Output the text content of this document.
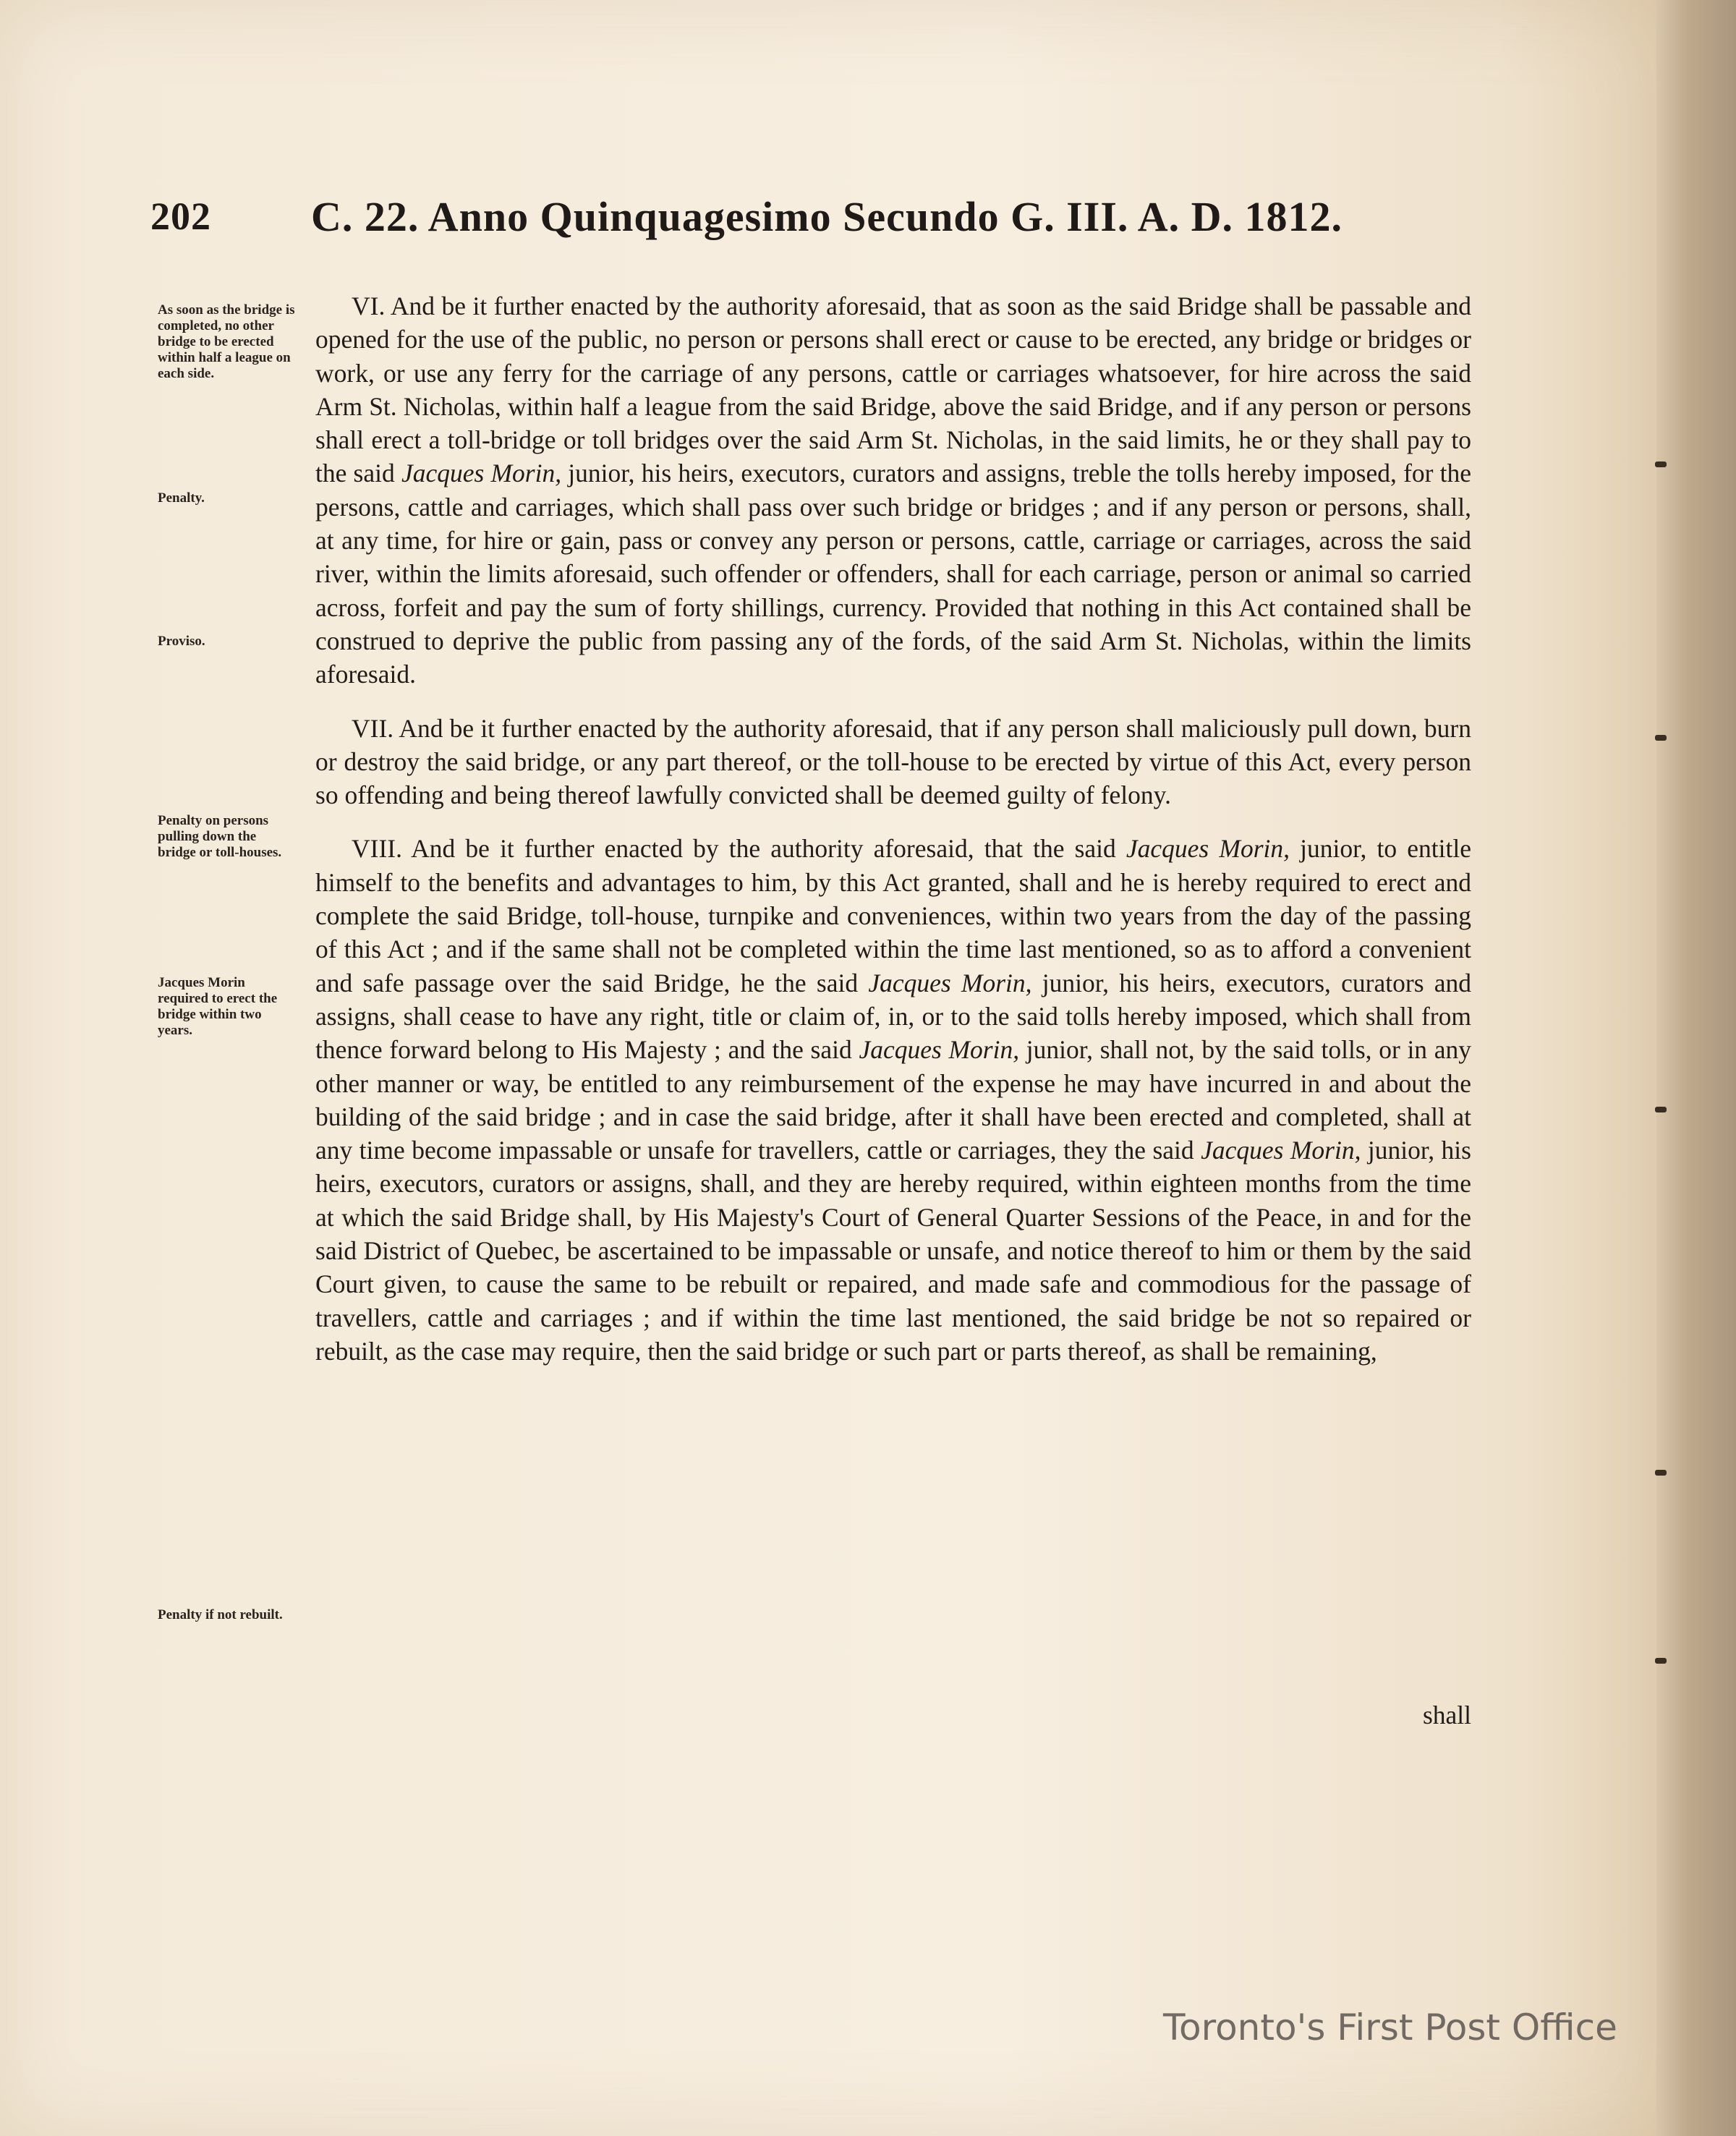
202 C. 22. Anno Quinquagesimo Secundo G. III. A. D. 1812.
As soon as the bridge is completed, no other bridge to be erected within half a league on each side.
Penalty.
Proviso.
Penalty on persons pulling down the bridge or toll-houses.
Jacques Morin required to erect the bridge within two years.
Penalty if not rebuilt.

VI. And be it further enacted by the authority aforesaid, that as soon as the said Bridge shall be passable and opened for the use of the public, no person or persons shall erect or cause to be erected, any bridge or bridges or work, or use any ferry for the carriage of any persons, cattle or carriages whatsoever, for hire across the said Arm St. Nicholas, within half a league from the said Bridge, above the said Bridge, and if any person or persons shall erect a toll-bridge or toll bridges over the said Arm St. Nicholas, in the said limits, he or they shall pay to the said Jacques Morin, junior, his heirs, executors, curators and assigns, treble the tolls hereby imposed, for the persons, cattle and carriages, which shall pass over such bridge or bridges ; and if any person or persons, shall, at any time, for hire or gain, pass or convey any person or persons, cattle, carriage or carriages, across the said river, within the limits aforesaid, such offender or offenders, shall for each carriage, person or animal so carried across, forfeit and pay the sum of forty shillings, currency. Provided that nothing in this Act contained shall be construed to deprive the public from passing any of the fords, of the said Arm St. Nicholas, within the limits aforesaid.

VII. And be it further enacted by the authority aforesaid, that if any person shall maliciously pull down, burn or destroy the said bridge, or any part thereof, or the toll-house to be erected by virtue of this Act, every person so offending and being thereof lawfully convicted shall be deemed guilty of felony.

VIII. And be it further enacted by the authority aforesaid, that the said Jacques Morin, junior, to entitle himself to the benefits and advantages to him, by this Act granted, shall and he is hereby required to erect and complete the said Bridge, toll-house, turnpike and conveniences, within two years from the day of the passing of this Act ; and if the same shall not be completed within the time last mentioned, so as to afford a convenient and safe passage over the said Bridge, he the said Jacques Morin, junior, his heirs, executors, curators and assigns, shall cease to have any right, title or claim of, in, or to the said tolls hereby imposed, which shall from thence forward belong to His Majesty ; and the said Jacques Morin, junior, shall not, by the said tolls, or in any other manner or way, be entitled to any reimbursement of the expense he may have incurred in and about the building of the said bridge ; and in case the said bridge, after it shall have been erected and completed, shall at any time become impassable or unsafe for travellers, cattle or carriages, they the said Jacques Morin, junior, his heirs, executors, curators or assigns, shall, and they are hereby required, within eighteen months from the time at which the said Bridge shall, by His Majesty's Court of General Quarter Sessions of the Peace, in and for the said District of Quebec, be ascertained to be impassable or unsafe, and notice thereof to him or them by the said Court given, to cause the same to be rebuilt or repaired, and made safe and commodious for the passage of travellers, cattle and carriages ; and if within the time last mentioned, the said bridge be not so repaired or rebuilt, as the case may require, then the said bridge or such part or parts thereof, as shall be remaining,

shall
Toronto's First Post Office
